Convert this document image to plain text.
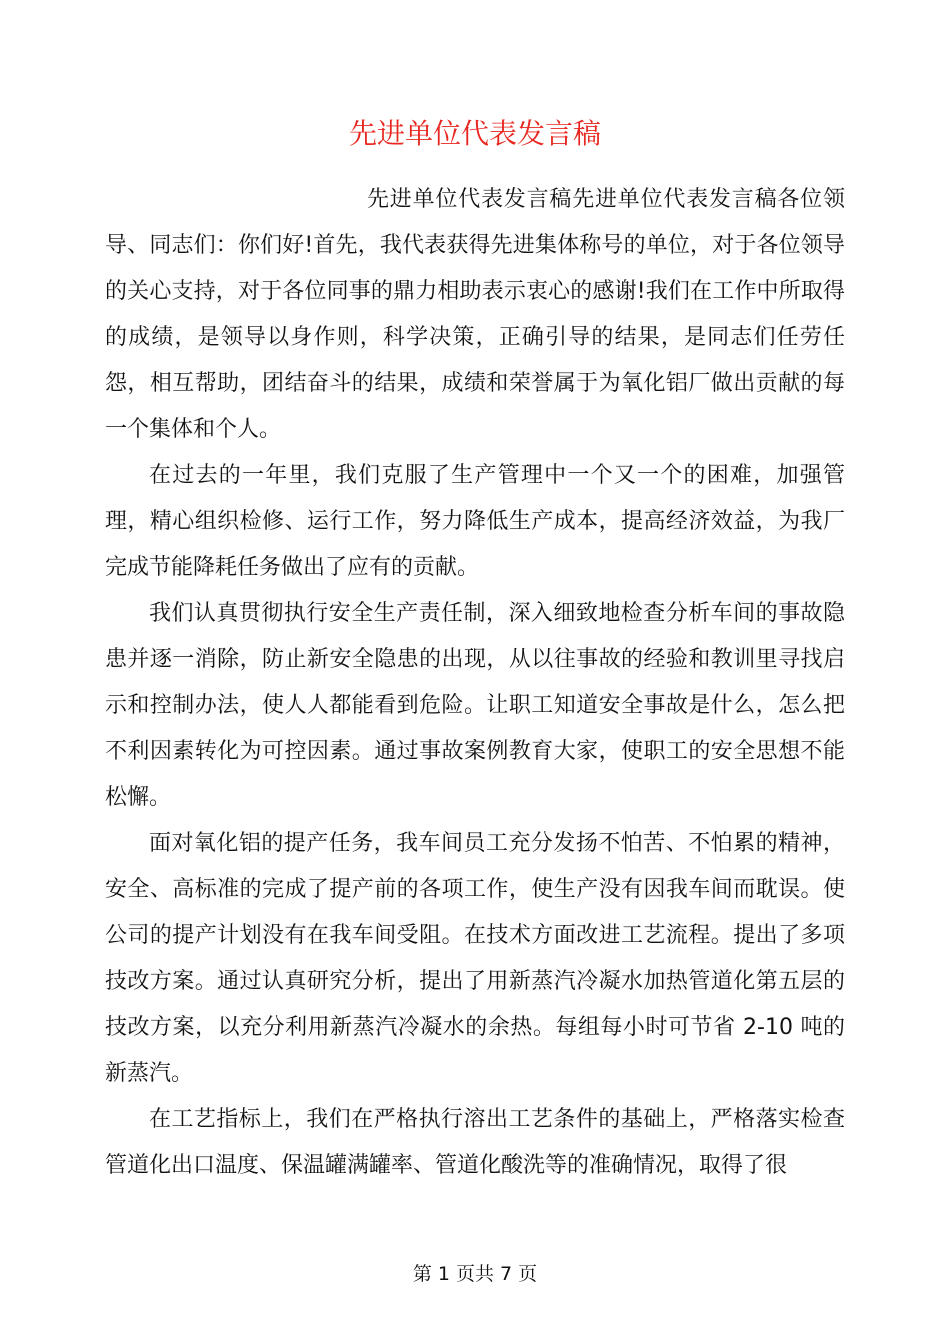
先进单位代表发言稿

先进单位代表发言稿先进单位代表发言稿各位领导、同志们：你们好!首先，我代表获得先进集体称号的单位，对于各位领导的关心支持，对于各位同事的鼎力相助表示衷心的感谢!我们在工作中所取得的成绩，是领导以身作则，科学决策，正确引导的结果，是同志们任劳任怨，相互帮助，团结奋斗的结果，成绩和荣誉属于为氧化铝厂做出贡献的每一个集体和个人。

在过去的一年里，我们克服了生产管理中一个又一个的困难，加强管理，精心组织检修、运行工作，努力降低生产成本，提高经济效益，为我厂完成节能降耗任务做出了应有的贡献。

我们认真贯彻执行安全生产责任制，深入细致地检查分析车间的事故隐患并逐一消除，防止新安全隐患的出现，从以往事故的经验和教训里寻找启示和控制办法，使人人都能看到危险。让职工知道安全事故是什么，怎么把不利因素转化为可控因素。通过事故案例教育大家，使职工的安全思想不能松懈。

面对氧化铝的提产任务，我车间员工充分发扬不怕苦、不怕累的精神，安全、高标准的完成了提产前的各项工作，使生产没有因我车间而耽误。使公司的提产计划没有在我车间受阻。在技术方面改进工艺流程。提出了多项技改方案。通过认真研究分析，提出了用新蒸汽冷凝水加热管道化第五层的技改方案，以充分利用新蒸汽冷凝水的余热。每组每小时可节省 2-10 吨的新蒸汽。

在工艺指标上，我们在严格执行溶出工艺条件的基础上，严格落实检查管道化出口温度、保温罐满罐率、管道化酸洗等的准确情况，取得了很

第 1 页共 7 页
